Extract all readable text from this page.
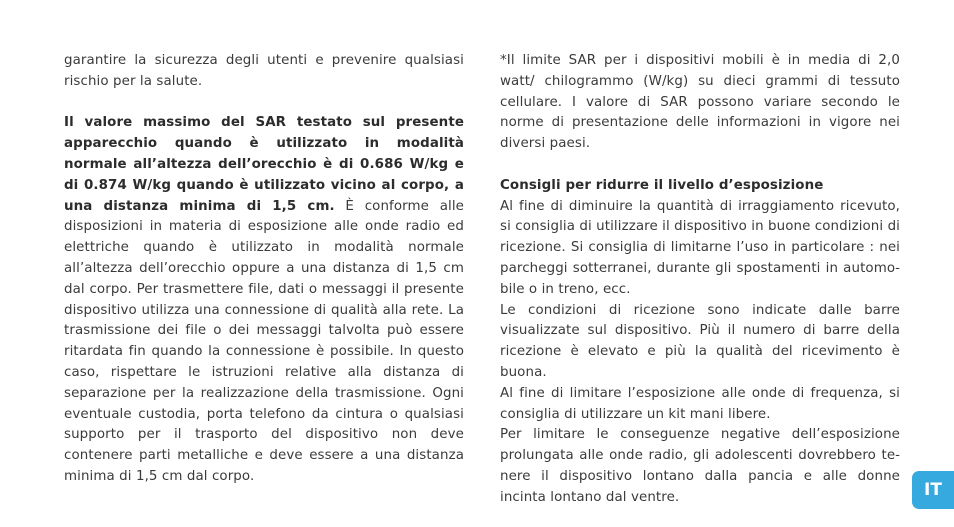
garantire la sicurezza degli utenti e prevenire qualsiasi rischio per la salute.

Il valore massimo del SAR testato sul presente apparecchio quando è utilizzato in modalità normale all’altezza dell’orecchio è di 0.686 W/kg e di 0.874 W/kg quando è utilizzato vicino al corpo, a una distanza minima di 1,5 cm. È conforme alle disposizioni in materia di esposizione alle onde radio ed elettriche quando è utilizzato in modalità normale all’altezza dell’orecchio oppure a una distanza di 1,5 cm dal corpo. Per trasmettere file, dati o messaggi il presente dispositivo utilizza una connessione di qualità alla rete. La trasmissione dei file o dei messaggi talvolta può essere ritardata fin quando la connessione è possibile. In questo caso, rispettare le istruzioni relative alla distanza di separazione per la realizzazione della trasmissione. Ogni eventuale custodia, porta telefono da cintura o qualsiasi supporto per il trasporto del dispositivo non deve contenere parti metalliche e deve essere a una distanza minima di 1,5 cm dal corpo.

*Il limite SAR per i dispositivi mobili è in media di 2,0 watt/ chilogrammo (W/kg) su dieci grammi di tessuto cellulare. I valore di SAR possono variare secondo le norme di presentazione delle informazioni in vigore nei diversi paesi.

Consigli per ridurre il livello d’esposizione

Al fine di diminuire la quantità di irraggiamento ricevuto, si consiglia di utilizzare il dispositivo in buone condizioni di ricezione. Si consiglia di limitarne l’uso in particolare : nei parcheggi sotterranei, durante gli spostamenti in automobile o in treno, ecc.

Le condizioni di ricezione sono indicate dalle barre visualizzate sul dispositivo. Più il numero di barre della ricezione è elevato e più la qualità del ricevimento è buona.

Al fine di limitare l’esposizione alle onde di frequenza, si consiglia di utilizzare un kit mani libere.

Per limitare le conseguenze negative dell’esposizione prolungata alle onde radio, gli adolescenti dovrebbero tenere il dispositivo lontano dalla pancia e alle donne incinta lontano dal ventre.	IT
